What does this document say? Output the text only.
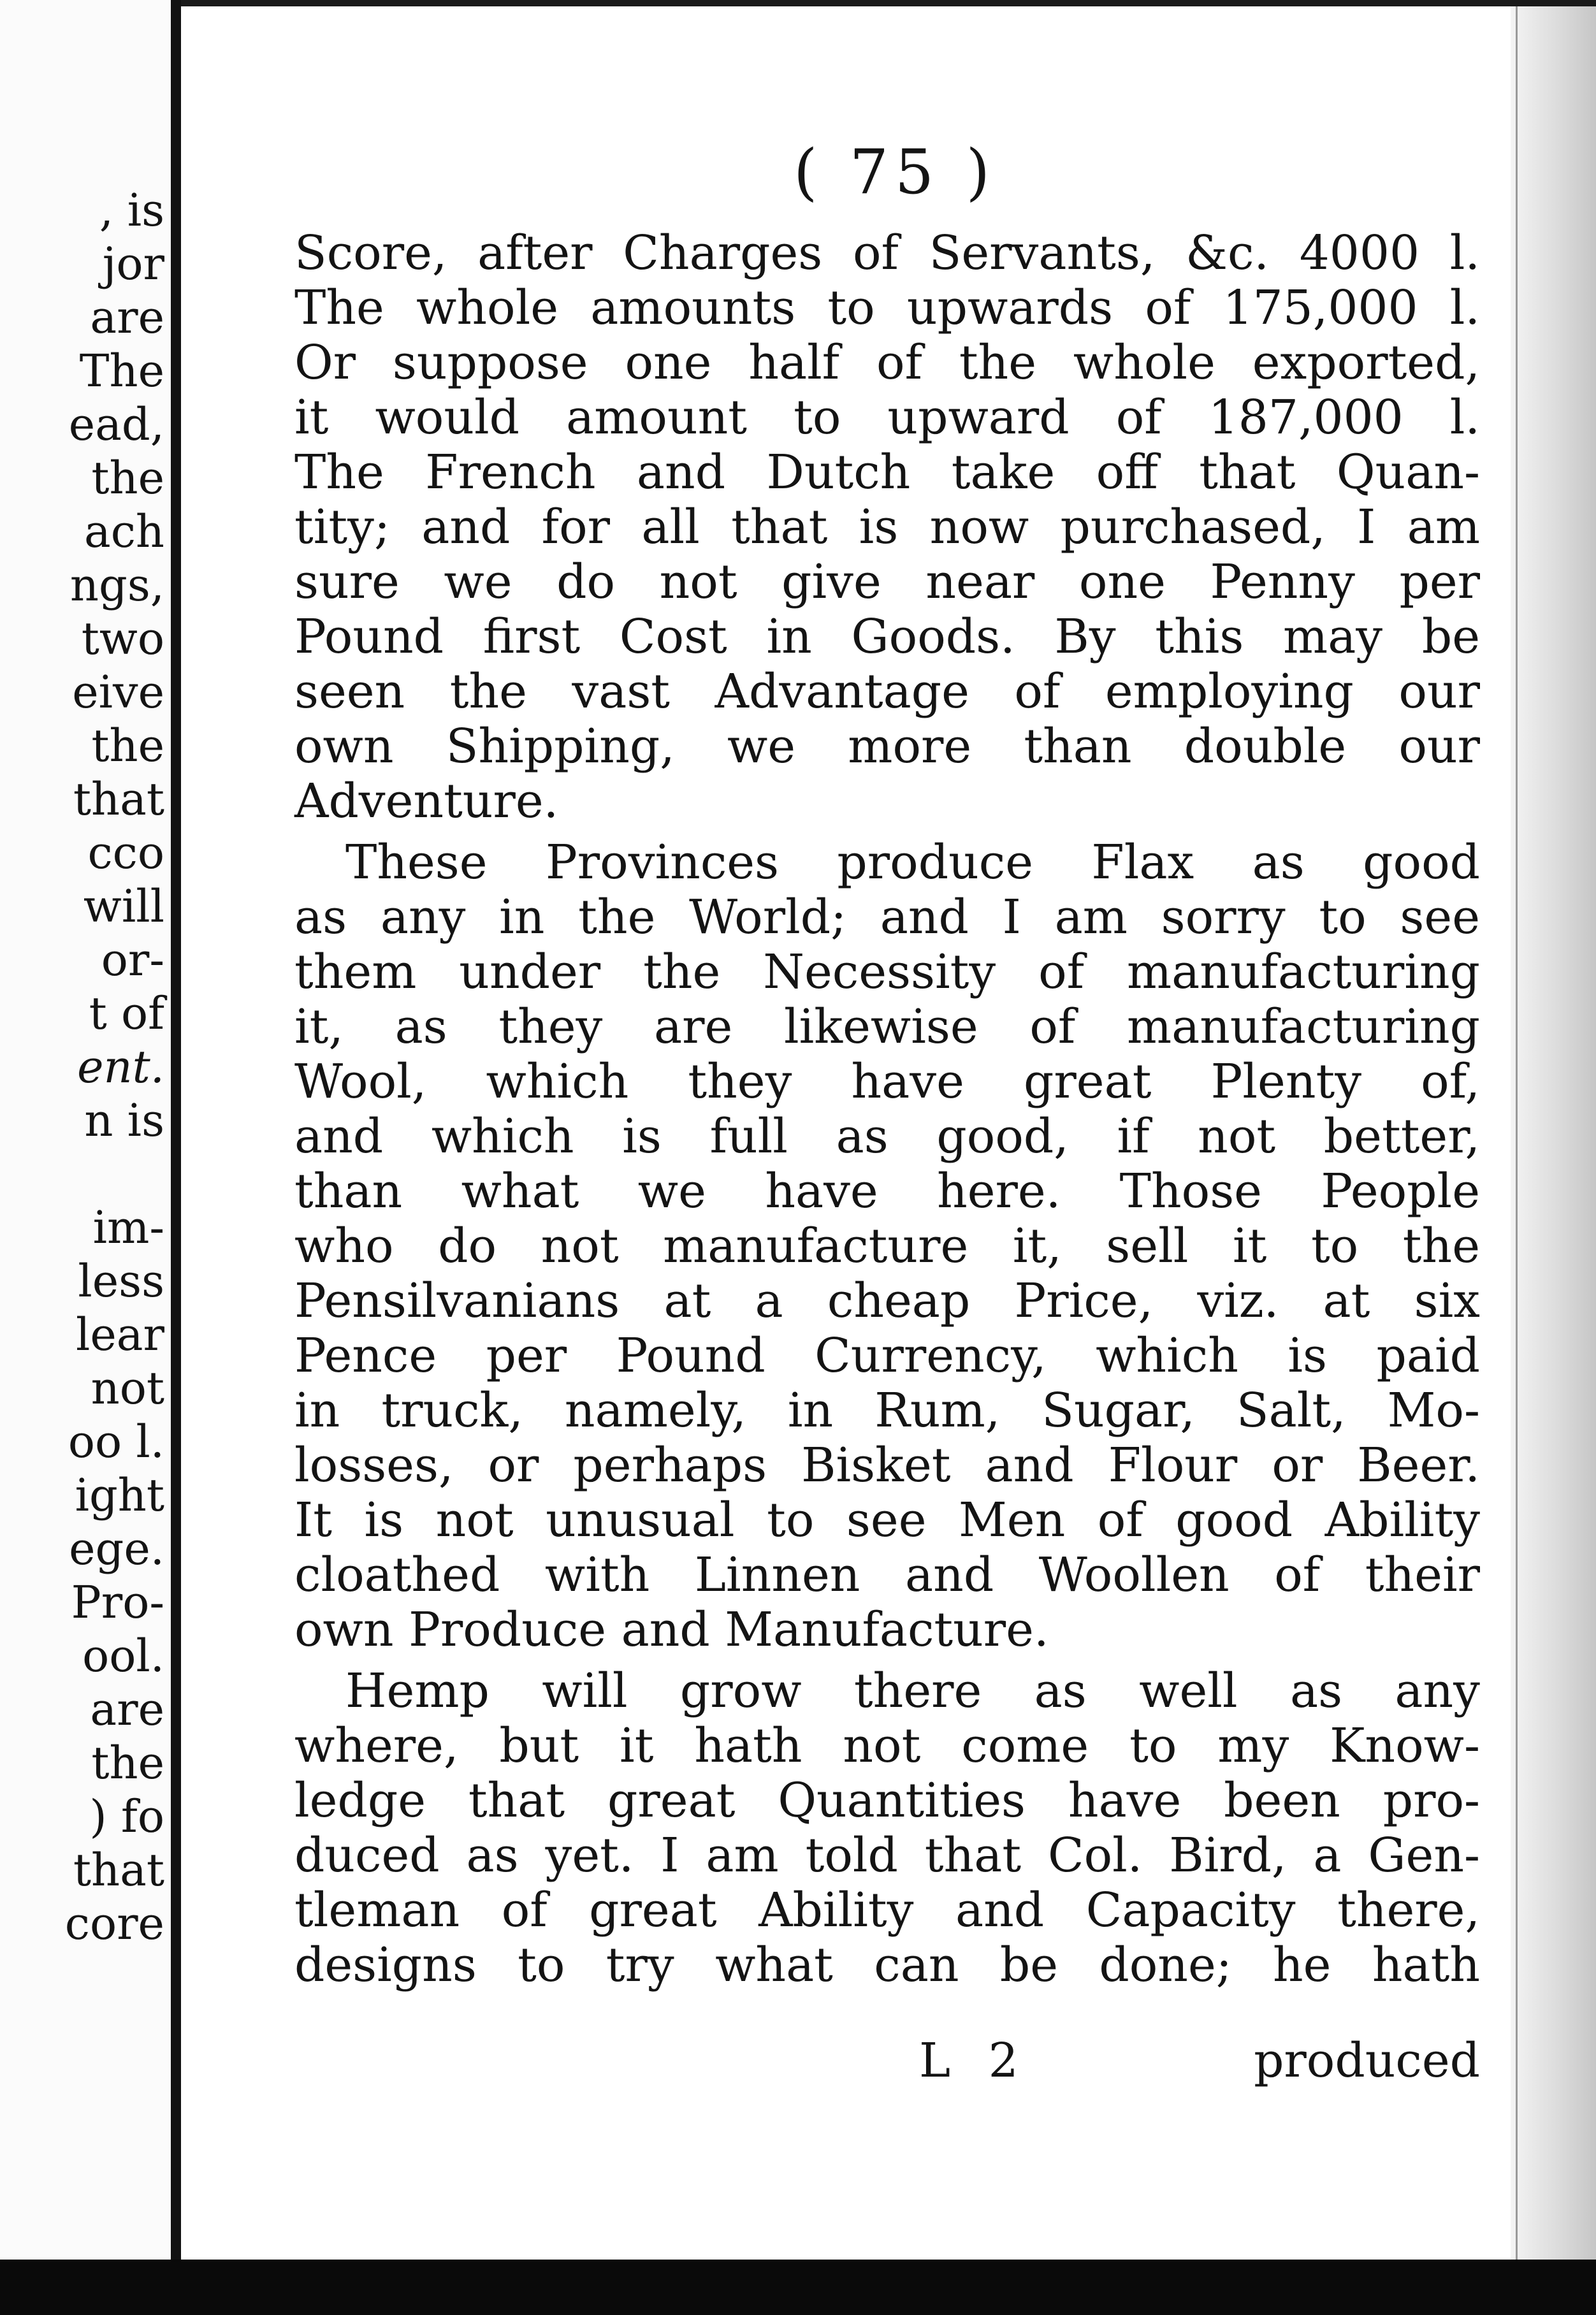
‚ is
jor
are
The
ead,
the
ach
ngs,
two
eive
the
that
cco
will
or-
t of
ent.
n is
im-
less
lear
not
oo l.
ight
ege.
Pro-
ool.
are
the
) fo
that
core
( 75 )
Score, after Charges of Servants, &c. 4000 l.
The whole amounts to upwards of 175,000 l.
Or suppose one half of the whole exported,
it would amount to upward of 187,000 l.
The French and Dutch take off that Quan-
tity; and for all that is now purchased, I am
sure we do not give near one Penny per
Pound first Cost in Goods. By this may be
seen the vast Advantage of employing our
own Shipping, we more than double our
Adventure.
These Provinces produce Flax as good
as any in the World; and I am sorry to see
them under the Necessity of manufacturing
it, as they are likewise of manufacturing
Wool, which they have great Plenty of,
and which is full as good, if not better,
than what we have here. Those People
who do not manufacture it, sell it to the
Pensilvanians at a cheap Price, viz. at six
Pence per Pound Currency, which is paid
in truck, namely, in Rum, Sugar, Salt, Mo-
losses, or perhaps Bisket and Flour or Beer.
It is not unusual to see Men of good Ability
cloathed with Linnen and Woollen of their
own Produce and Manufacture.
Hemp will grow there as well as any
where, but it hath not come to my Know-
ledge that great Quantities have been pro-
duced as yet. I am told that Col. Bird, a Gen-
tleman of great Ability and Capacity there,
designs to try what can be done; he hath
L 2	produced
